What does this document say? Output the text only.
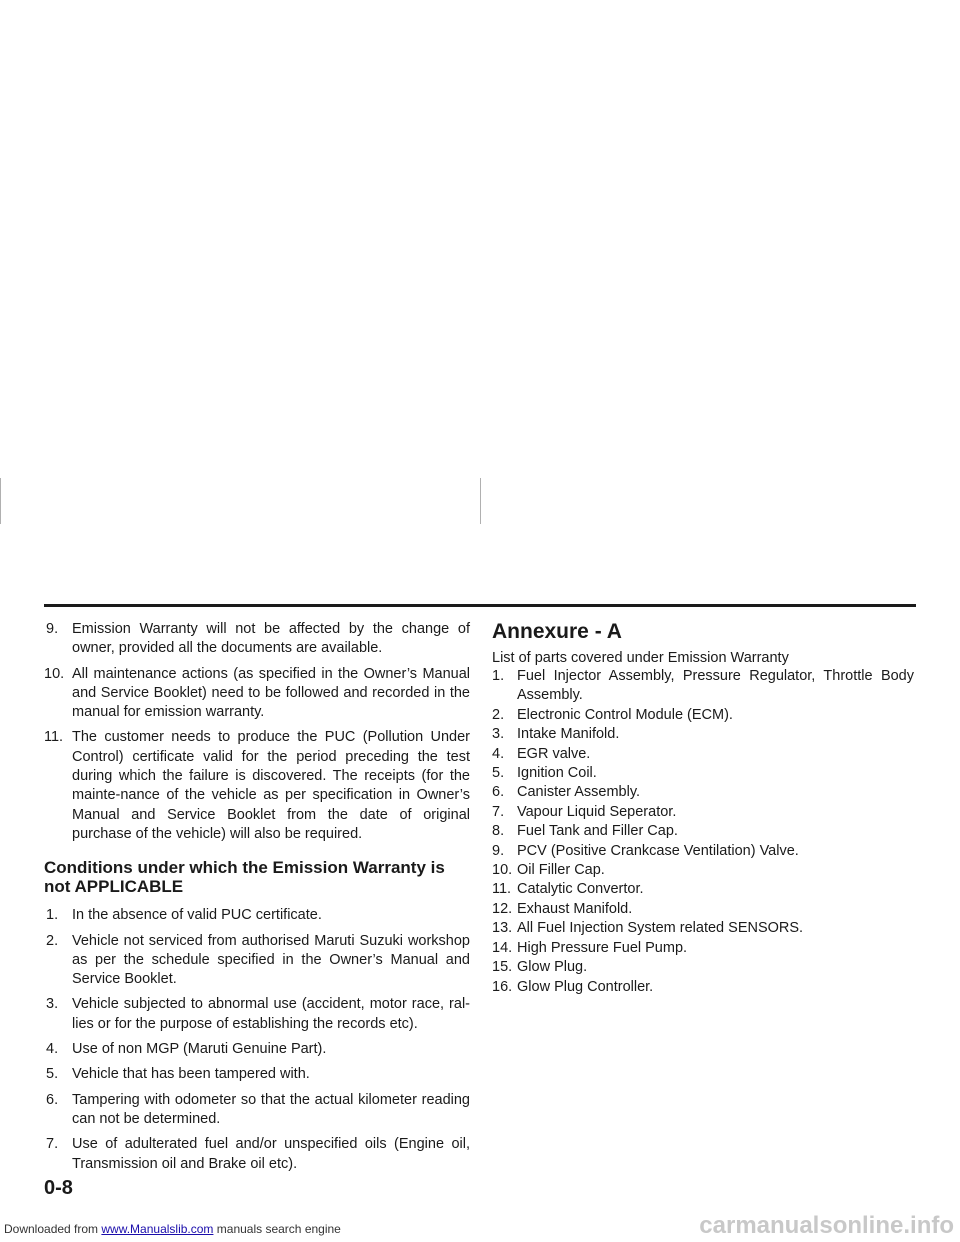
9. Emission Warranty will not be affected by the change of owner, provided all the documents are available.
10. All maintenance actions (as specified in the Owner’s Manual and Service Booklet) need to be followed and recorded in the manual for emission warranty.
11. The customer needs to produce the PUC (Pollution Under Control) certificate valid for the period preceding the test during which the failure is discovered. The receipts (for the mainte-nance of the vehicle as per specification in Owner’s Manual and Service Booklet from the date of original purchase of the vehicle) will also be required.
Conditions under which the Emission Warranty is not APPLICABLE
1. In the absence of valid PUC certificate.
2. Vehicle not serviced from authorised Maruti Suzuki workshop as per the schedule specified in the Owner’s Manual and Service Booklet.
3. Vehicle subjected to abnormal use (accident, motor race, ral-lies or for the purpose of establishing the records etc).
4. Use of non MGP (Maruti Genuine Part).
5. Vehicle that has been tampered with.
6. Tampering with odometer so that the actual kilometer reading can not be determined.
7. Use of adulterated fuel and/or unspecified oils (Engine oil, Transmission oil and Brake oil etc).
Annexure - A
List of parts covered under Emission Warranty
1. Fuel Injector Assembly, Pressure Regulator, Throttle Body Assembly.
2. Electronic Control Module (ECM).
3. Intake Manifold.
4. EGR valve.
5. Ignition Coil.
6. Canister Assembly.
7. Vapour Liquid Seperator.
8. Fuel Tank and Filler Cap.
9. PCV (Positive Crankcase Ventilation) Valve.
10. Oil Filler Cap.
11. Catalytic Convertor.
12. Exhaust Manifold.
13. All Fuel Injection System related SENSORS.
14. High Pressure Fuel Pump.
15. Glow Plug.
16. Glow Plug Controller.
0-8
Downloaded from www.Manualslib.com manuals search engine	carmanualsonline.info
